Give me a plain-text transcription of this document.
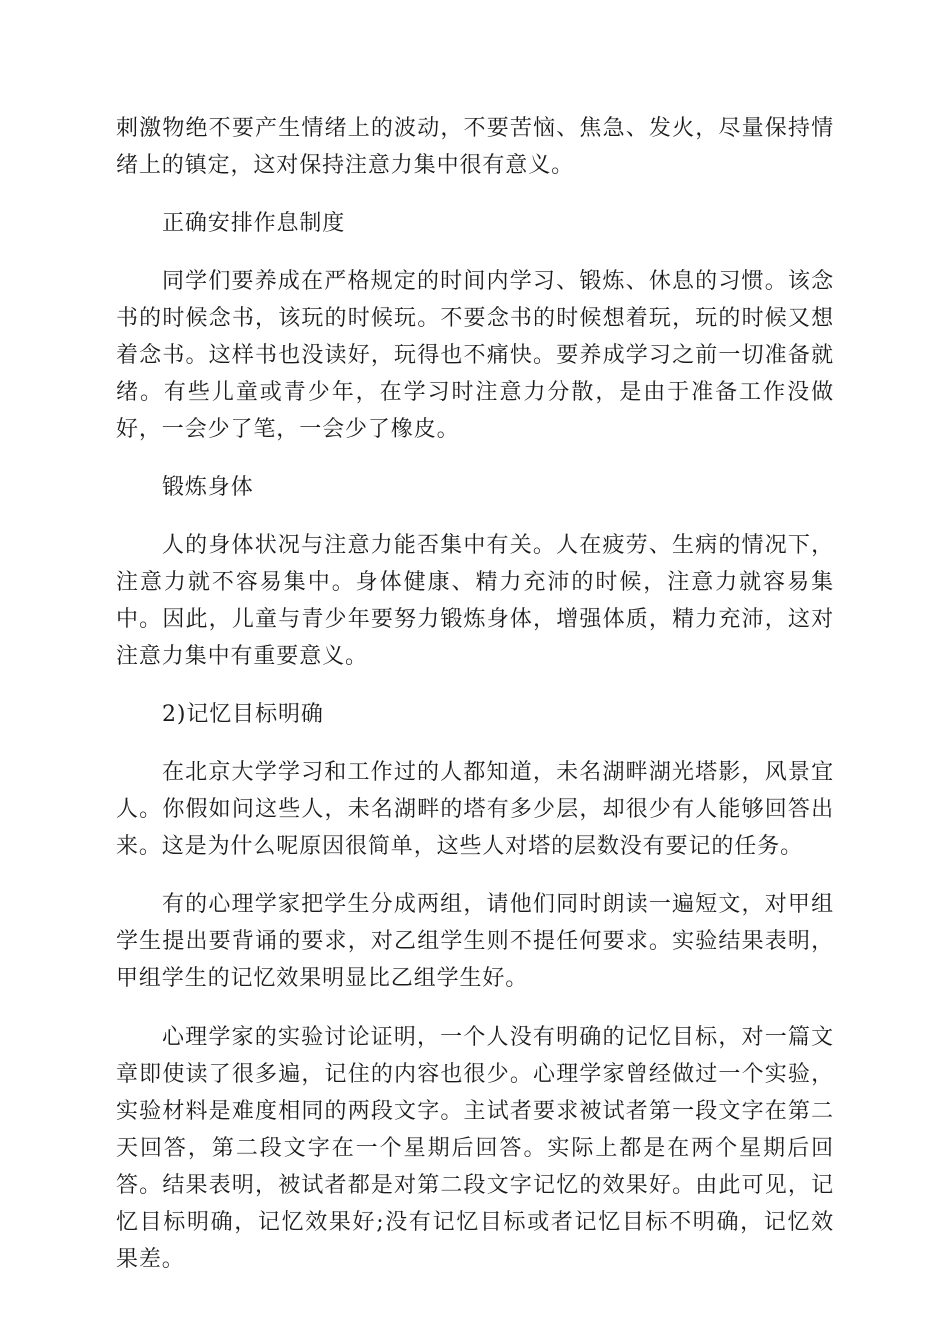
刺激物绝不要产生情绪上的波动，不要苦恼、焦急、发火，尽量保持情绪上的镇定，这对保持注意力集中很有意义。

正确安排作息制度

同学们要养成在严格规定的时间内学习、锻炼、休息的习惯。该念书的时候念书，该玩的时候玩。不要念书的时候想着玩，玩的时候又想着念书。这样书也没读好，玩得也不痛快。要养成学习之前一切准备就绪。有些儿童或青少年，在学习时注意力分散，是由于准备工作没做好，一会少了笔，一会少了橡皮。

锻炼身体

人的身体状况与注意力能否集中有关。人在疲劳、生病的情况下，注意力就不容易集中。身体健康、精力充沛的时候，注意力就容易集中。因此，儿童与青少年要努力锻炼身体，增强体质，精力充沛，这对注意力集中有重要意义。

2)记忆目标明确

在北京大学学习和工作过的人都知道，未名湖畔湖光塔影，风景宜人。你假如问这些人，未名湖畔的塔有多少层，却很少有人能够回答出来。这是为什么呢原因很简单，这些人对塔的层数没有要记的任务。

有的心理学家把学生分成两组，请他们同时朗读一遍短文，对甲组学生提出要背诵的要求，对乙组学生则不提任何要求。实验结果表明，甲组学生的记忆效果明显比乙组学生好。

心理学家的实验讨论证明，一个人没有明确的记忆目标，对一篇文章即使读了很多遍，记住的内容也很少。心理学家曾经做过一个实验，实验材料是难度相同的两段文字。主试者要求被试者第一段文字在第二天回答，第二段文字在一个星期后回答。实际上都是在两个星期后回答。结果表明，被试者都是对第二段文字记忆的效果好。由此可见，记忆目标明确，记忆效果好;没有记忆目标或者记忆目标不明确，记忆效果差。
